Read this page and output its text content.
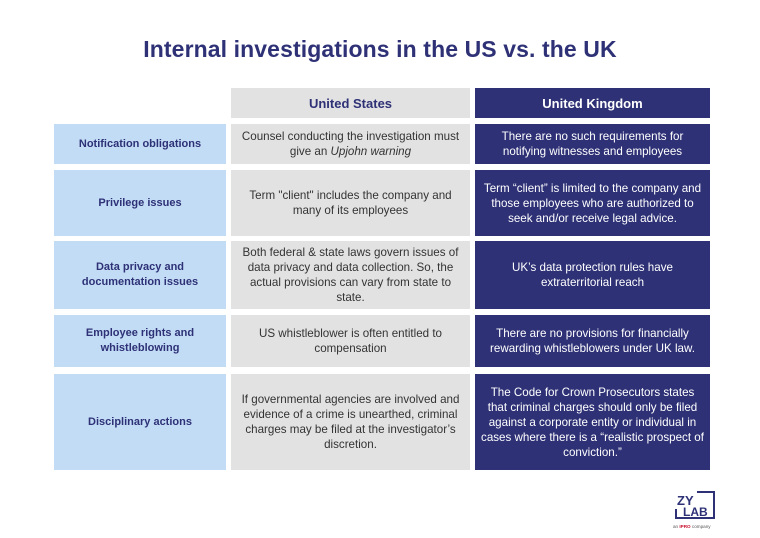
Internal investigations in the US vs. the UK
United States	United Kingdom
Notification obligations
Counsel conducting the investigation must give an Upjohn warning
There are no such requirements for notifying witnesses and employees
Privilege issues
Term "client" includes the company and many of its employees
Term “client” is limited to the company and those employees who are authorized to seek and/or receive legal advice.
Data privacy and documentation issues
Both federal & state laws govern issues of data privacy and data collection. So, the actual provisions can vary from state to state.
UK’s data protection rules have extraterritorial reach
Employee rights and whistleblowing
US whistleblower is often entitled to compensation
There are no provisions for financially rewarding whistleblowers under UK law.
Disciplinary actions
If governmental agencies are involved and evidence of a crime is unearthed, criminal charges may be filed at the investigator’s discretion.
The Code for Crown Prosecutors states that criminal charges should only be filed against a corporate entity or individual in cases where there is a “realistic prospect of conviction.”
ZY
LAB
an IPRO company
